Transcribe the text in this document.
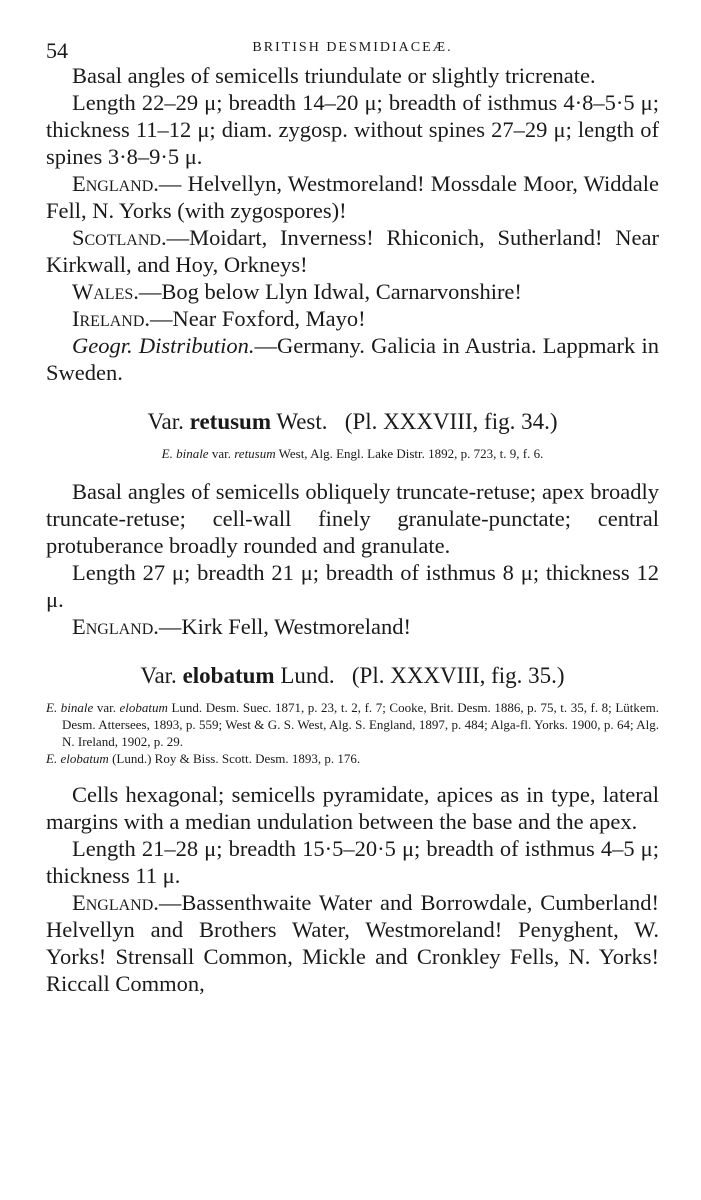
54	BRITISH DESMIDIACEÆ.

Basal angles of semicells triundulate or slightly tricrenate.

Length 22–29 μ; breadth 14–20 μ; breadth of isthmus 4·8–5·5 μ; thickness 11–12 μ; diam. zygosp. without spines 27–29 μ; length of spines 3·8–9·5 μ.

England.— Helvellyn, Westmoreland! Mossdale Moor, Widdale Fell, N. Yorks (with zygospores)!

Scotland.—Moidart, Inverness! Rhiconich, Sutherland! Near Kirkwall, and Hoy, Orkneys!

Wales.—Bog below Llyn Idwal, Carnarvonshire!

Ireland.—Near Foxford, Mayo!

Geogr. Distribution.—Germany. Galicia in Austria. Lappmark in Sweden.

Var. retusum West. (Pl. XXXVIII, fig. 34.)
E. binale var. retusum West, Alg. Engl. Lake Distr. 1892, p. 723, t. 9, f. 6.

Basal angles of semicells obliquely truncate-retuse; apex broadly truncate-retuse; cell-wall finely granulate-punctate; central protuberance broadly rounded and granulate.

Length 27 μ; breadth 21 μ; breadth of isthmus 8 μ; thickness 12 μ.

England.—Kirk Fell, Westmoreland!

Var. elobatum Lund. (Pl. XXXVIII, fig. 35.)

E. binale var. elobatum Lund. Desm. Suec. 1871, p. 23, t. 2, f. 7; Cooke, Brit. Desm. 1886, p. 75, t. 35, f. 8; Lütkem. Desm. Attersees, 1893, p. 559; West & G. S. West, Alg. S. England, 1897, p. 484; Alga-fl. Yorks. 1900, p. 64; Alg. N. Ireland, 1902, p. 29.

E. elobatum (Lund.) Roy & Biss. Scott. Desm. 1893, p. 176.

Cells hexagonal; semicells pyramidate, apices as in type, lateral margins with a median undulation between the base and the apex.

Length 21–28 μ; breadth 15·5–20·5 μ; breadth of isthmus 4–5 μ; thickness 11 μ.

England.—Bassenthwaite Water and Borrowdale, Cumberland! Helvellyn and Brothers Water, Westmoreland! Penyghent, W. Yorks! Strensall Common, Mickle and Cronkley Fells, N. Yorks! Riccall Common,
